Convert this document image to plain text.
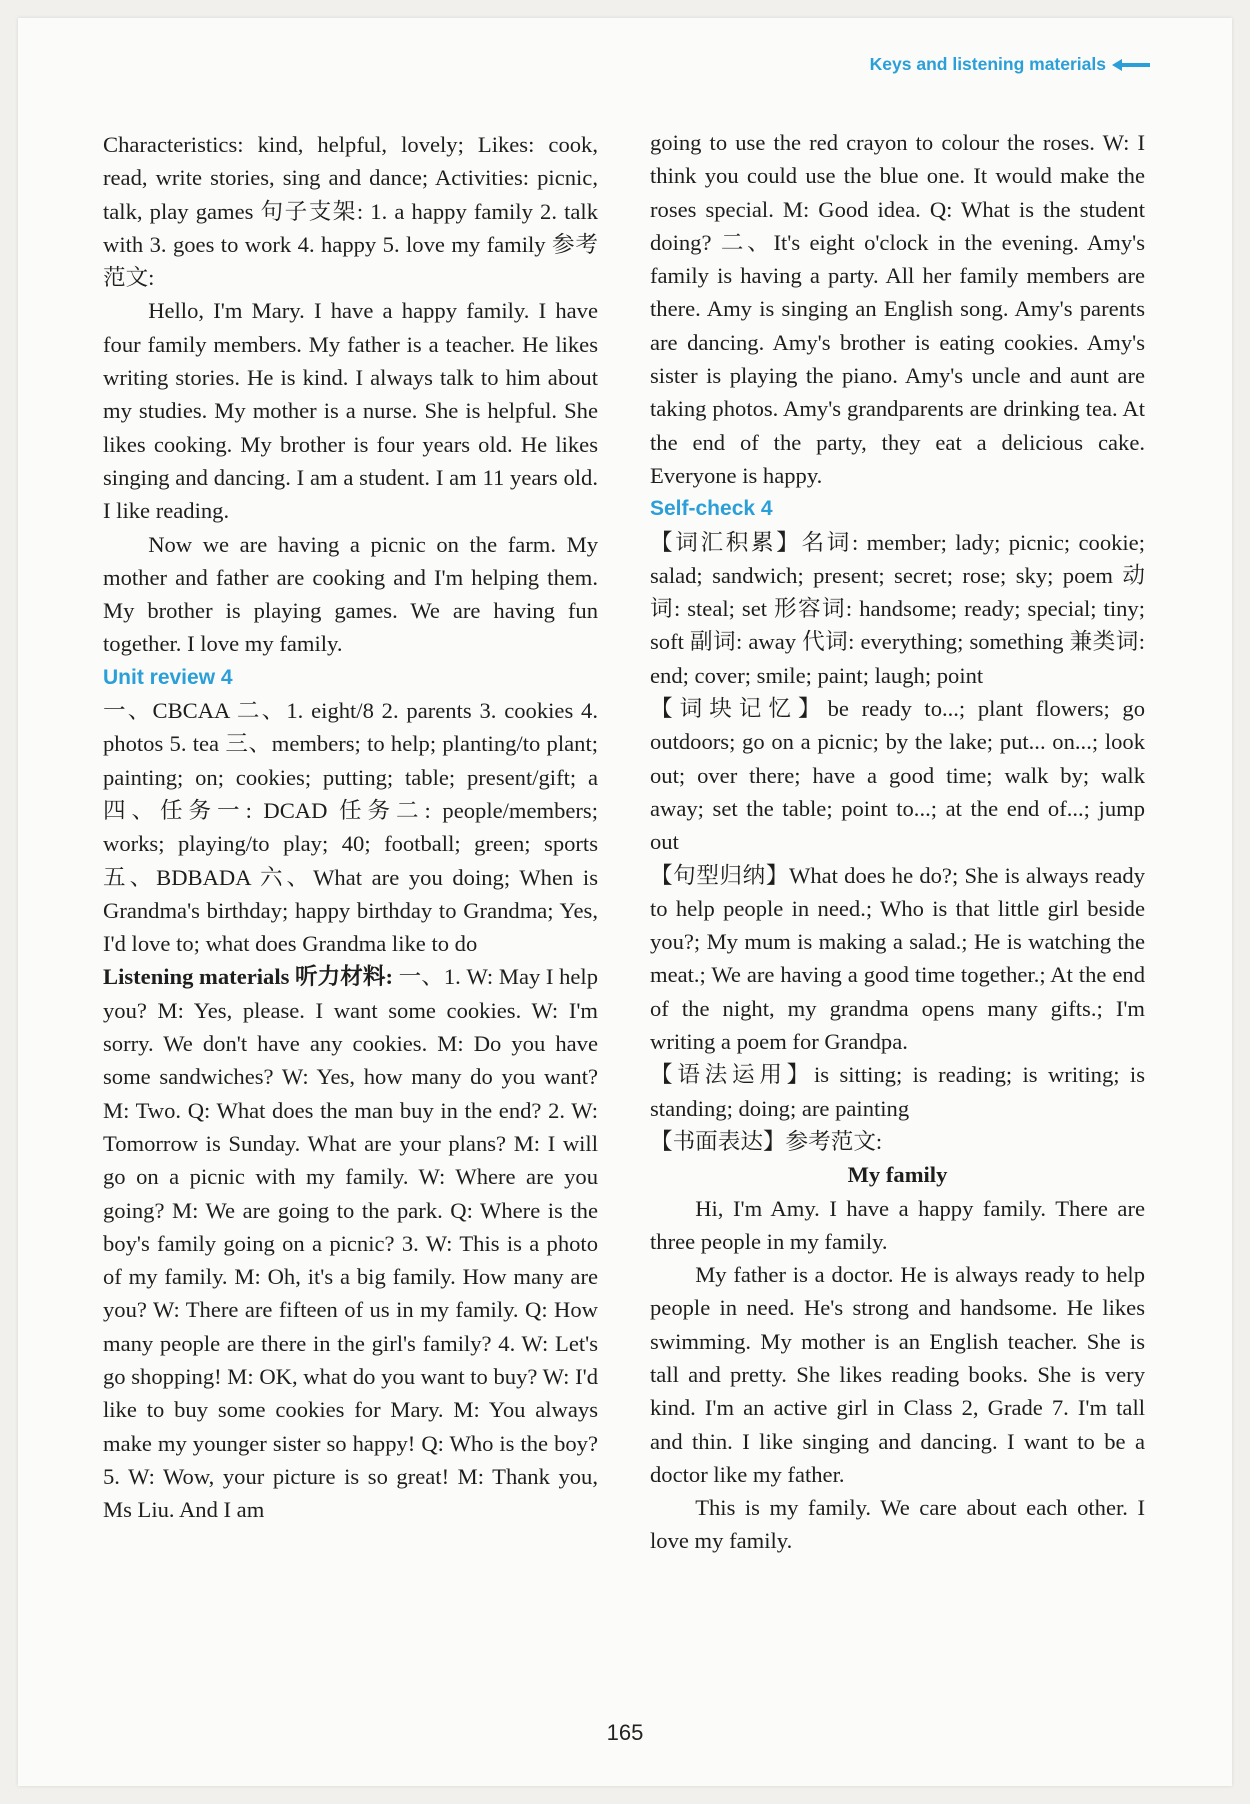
Keys and listening materials

Characteristics: kind, helpful, lovely; Likes: cook, read, write stories, sing and dance; Activities: picnic, talk, play games 句子支架: 1. a happy family 2. talk with 3. goes to work 4. happy 5. love my family 参考范文:

Hello, I'm Mary. I have a happy family. I have four family members. My father is a teacher. He likes writing stories. He is kind. I always talk to him about my studies. My mother is a nurse. She is helpful. She likes cooking. My brother is four years old. He likes singing and dancing. I am a student. I am 11 years old. I like reading.

Now we are having a picnic on the farm. My mother and father are cooking and I'm helping them. My brother is playing games. We are having fun together. I love my family.

Unit review 4

一、CBCAA 二、1. eight/8 2. parents 3. cookies 4. photos 5. tea 三、members; to help; planting/to plant; painting; on; cookies; putting; table; present/gift; a 四、任务一: DCAD 任务二: people/members; works; playing/to play; 40; football; green; sports 五、BDBADA 六、What are you doing; When is Grandma's birthday; happy birthday to Grandma; Yes, I'd love to; what does Grandma like to do

Listening materials 听力材料: 一、1. W: May I help you? M: Yes, please. I want some cookies. W: I'm sorry. We don't have any cookies. M: Do you have some sandwiches? W: Yes, how many do you want? M: Two. Q: What does the man buy in the end? 2. W: Tomorrow is Sunday. What are your plans? M: I will go on a picnic with my family. W: Where are you going? M: We are going to the park. Q: Where is the boy's family going on a picnic? 3. W: This is a photo of my family. M: Oh, it's a big family. How many are you? W: There are fifteen of us in my family. Q: How many people are there in the girl's family? 4. W: Let's go shopping! M: OK, what do you want to buy? W: I'd like to buy some cookies for Mary. M: You always make my younger sister so happy! Q: Who is the boy? 5. W: Wow, your picture is so great! M: Thank you, Ms Liu. And I am

going to use the red crayon to colour the roses. W: I think you could use the blue one. It would make the roses special. M: Good idea. Q: What is the student doing? 二、It's eight o'clock in the evening. Amy's family is having a party. All her family members are there. Amy is singing an English song. Amy's parents are dancing. Amy's brother is eating cookies. Amy's sister is playing the piano. Amy's uncle and aunt are taking photos. Amy's grandparents are drinking tea. At the end of the party, they eat a delicious cake. Everyone is happy.

Self-check 4

【词汇积累】名词: member; lady; picnic; cookie; salad; sandwich; present; secret; rose; sky; poem 动词: steal; set 形容词: handsome; ready; special; tiny; soft 副词: away 代词: everything; something 兼类词: end; cover; smile; paint; laugh; point

【词块记忆】be ready to...; plant flowers; go outdoors; go on a picnic; by the lake; put... on...; look out; over there; have a good time; walk by; walk away; set the table; point to...; at the end of...; jump out

【句型归纳】What does he do?; She is always ready to help people in need.; Who is that little girl beside you?; My mum is making a salad.; He is watching the meat.; We are having a good time together.; At the end of the night, my grandma opens many gifts.; I'm writing a poem for Grandpa.

【语法运用】is sitting; is reading; is writing; is standing; doing; are painting

【书面表达】参考范文:

My family

Hi, I'm Amy. I have a happy family. There are three people in my family.

My father is a doctor. He is always ready to help people in need. He's strong and handsome. He likes swimming. My mother is an English teacher. She is tall and pretty. She likes reading books. She is very kind. I'm an active girl in Class 2, Grade 7. I'm tall and thin. I like singing and dancing. I want to be a doctor like my father.

This is my family. We care about each other. I love my family.

165
